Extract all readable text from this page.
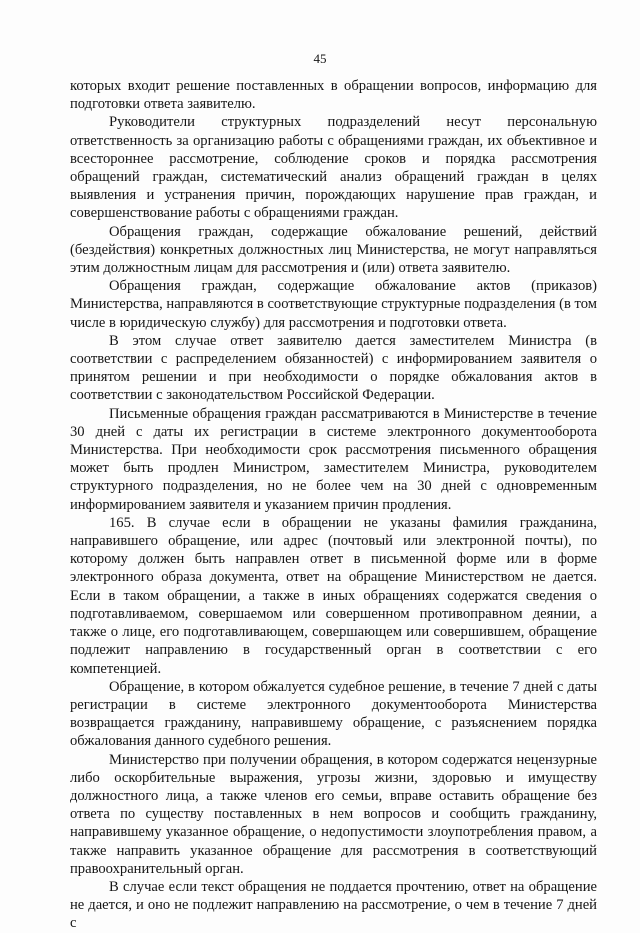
45

которых входит решение поставленных в обращении вопросов, информацию для подготовки ответа заявителю.

Руководители структурных подразделений несут персональную ответственность за организацию работы с обращениями граждан, их объективное и всестороннее рассмотрение, соблюдение сроков и порядка рассмотрения обращений граждан, систематический анализ обращений граждан в целях выявления и устранения причин, порождающих нарушение прав граждан, и совершенствование работы с обращениями граждан.

Обращения граждан, содержащие обжалование решений, действий (бездействия) конкретных должностных лиц Министерства, не могут направляться этим должностным лицам для рассмотрения и (или) ответа заявителю.

Обращения граждан, содержащие обжалование актов (приказов) Министерства, направляются в соответствующие структурные подразделения (в том числе в юридическую службу) для рассмотрения и подготовки ответа.

В этом случае ответ заявителю дается заместителем Министра (в соответствии с распределением обязанностей) с информированием заявителя о принятом решении и при необходимости о порядке обжалования актов в соответствии с законодательством Российской Федерации.

Письменные обращения граждан рассматриваются в Министерстве в течение 30 дней с даты их регистрации в системе электронного документооборота Министерства. При необходимости срок рассмотрения письменного обращения может быть продлен Министром, заместителем Министра, руководителем структурного подразделения, но не более чем на 30 дней с одновременным информированием заявителя и указанием причин продления.

165. В случае если в обращении не указаны фамилия гражданина, направившего обращение, или адрес (почтовый или электронной почты), по которому должен быть направлен ответ в письменной форме или в форме электронного образа документа, ответ на обращение Министерством не дается. Если в таком обращении, а также в иных обращениях содержатся сведения о подготавливаемом, совершаемом или совершенном противоправном деянии, а также о лице, его подготавливающем, совершающем или совершившем, обращение подлежит направлению в государственный орган в соответствии с его компетенцией.

Обращение, в котором обжалуется судебное решение, в течение 7 дней с даты регистрации в системе электронного документооборота Министерства возвращается гражданину, направившему обращение, с разъяснением порядка обжалования данного судебного решения.

Министерство при получении обращения, в котором содержатся нецензурные либо оскорбительные выражения, угрозы жизни, здоровью и имуществу должностного лица, а также членов его семьи, вправе оставить обращение без ответа по существу поставленных в нем вопросов и сообщить гражданину, направившему указанное обращение, о недопустимости злоупотребления правом, а также направить указанное обращение для рассмотрения в соответствующий правоохранительный орган.

В случае если текст обращения не поддается прочтению, ответ на обращение не дается, и оно не подлежит направлению на рассмотрение, о чем в течение 7 дней с
